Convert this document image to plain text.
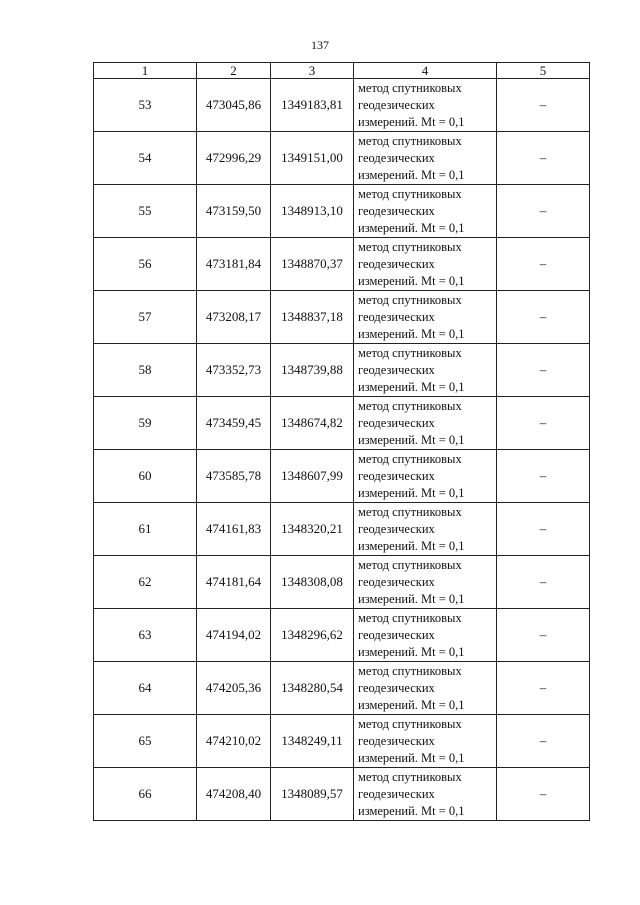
137
1	2	3	4	5
53	473045,86	1349183,81	метод спутниковых
геодезических
измерений. Mt = 0,1	–
54	472996,29	1349151,00	метод спутниковых
геодезических
измерений. Mt = 0,1	–
55	473159,50	1348913,10	метод спутниковых
геодезических
измерений. Mt = 0,1	–
56	473181,84	1348870,37	метод спутниковых
геодезических
измерений. Mt = 0,1	–
57	473208,17	1348837,18	метод спутниковых
геодезических
измерений. Mt = 0,1	–
58	473352,73	1348739,88	метод спутниковых
геодезических
измерений. Mt = 0,1	–
59	473459,45	1348674,82	метод спутниковых
геодезических
измерений. Mt = 0,1	–
60	473585,78	1348607,99	метод спутниковых
геодезических
измерений. Mt = 0,1	–
61	474161,83	1348320,21	метод спутниковых
геодезических
измерений. Mt = 0,1	–
62	474181,64	1348308,08	метод спутниковых
геодезических
измерений. Mt = 0,1	–
63	474194,02	1348296,62	метод спутниковых
геодезических
измерений. Mt = 0,1	–
64	474205,36	1348280,54	метод спутниковых
геодезических
измерений. Mt = 0,1	–
65	474210,02	1348249,11	метод спутниковых
геодезических
измерений. Mt = 0,1	–
66	474208,40	1348089,57	метод спутниковых
геодезических
измерений. Mt = 0,1	–
